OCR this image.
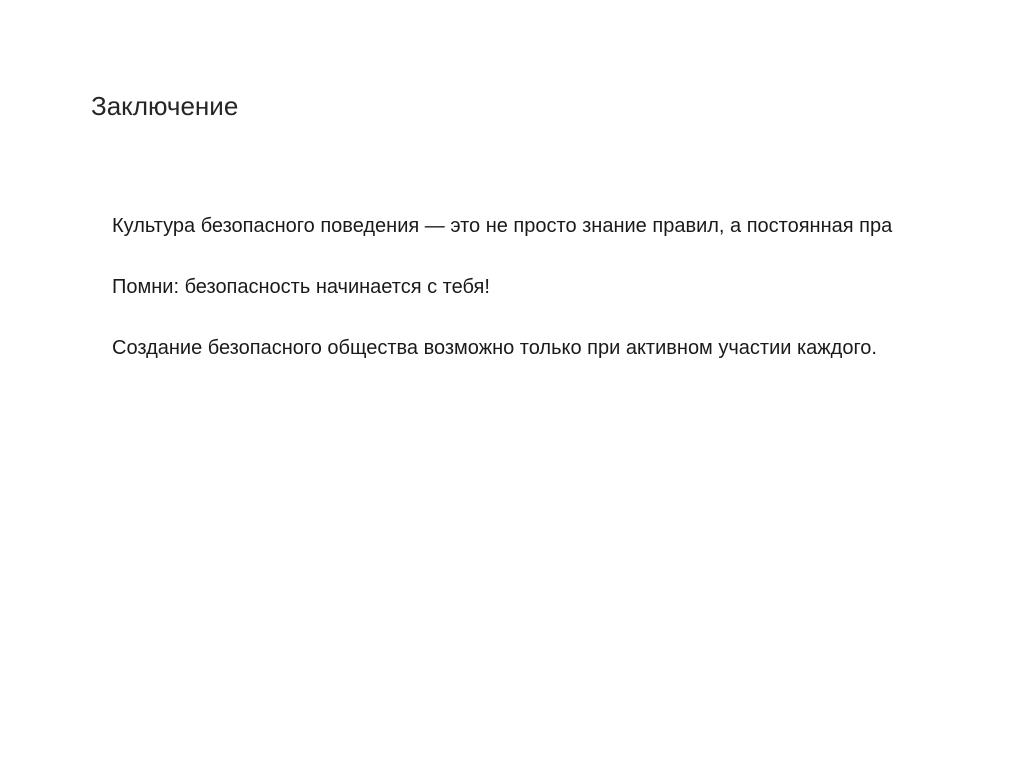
Заключение

Культура безопасного поведения — это не просто знание правил, а постоянная пра

Помни: безопасность начинается с тебя!

Создание безопасного общества возможно только при активном участии каждого.
